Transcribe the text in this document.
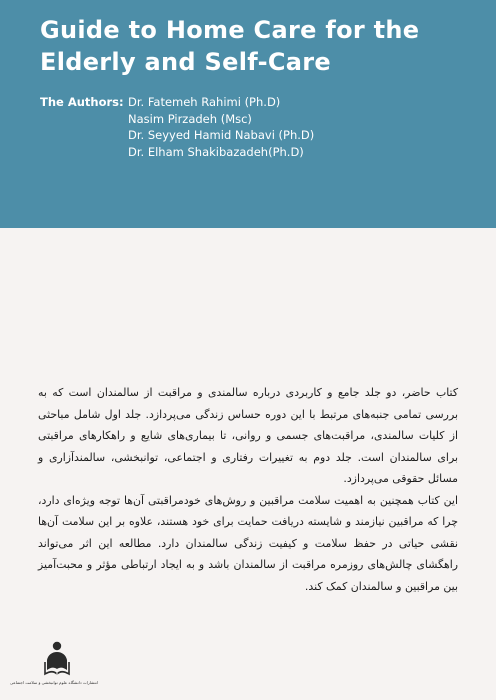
Guide to Home Care for the
Elderly and Self-Care
The Authors: Dr. Fatemeh Rahimi (Ph.D)
Nasim Pirzadeh (Msc)
Dr. Seyyed Hamid Nabavi (Ph.D)
Dr. Elham Shakibazadeh(Ph.D)

کتاب حاضر، دو جلد جامع و کاربردی درباره سالمندی و مراقبت از سالمندان است که به بررسی تمامی جنبه‌های مرتبط با این دوره حساس زندگی می‌پردازد. جلد اول شامل مباحثی از کلیات سالمندی، مراقبت‌های جسمی و روانی، تا بیماری‌های شایع و راهکارهای مراقبتی برای سالمندان است. جلد دوم به تغییرات رفتاری و اجتماعی، توانبخشی، سالمندآزاری و مسائل حقوقی می‌پردازد.

این کتاب همچنین به اهمیت سلامت مراقبین و روش‌های خودمراقبتی آن‌ها توجه ویژه‌ای دارد، چرا که مراقبین نیازمند و شایسته دریافت حمایت برای خود هستند، علاوه بر این سلامت آن‌ها نقشی حیاتی در حفظ سلامت و کیفیت زندگی سالمندان دارد. مطالعه این اثر می‌تواند راهگشای چالش‌های روزمره مراقبت از سالمندان باشد و به ایجاد ارتباطی مؤثر و محبت‌آمیز بین مراقبین و سالمندان کمک کند.

انتشارات دانشگاه علوم توانبخشی و سلامت اجتماعی
